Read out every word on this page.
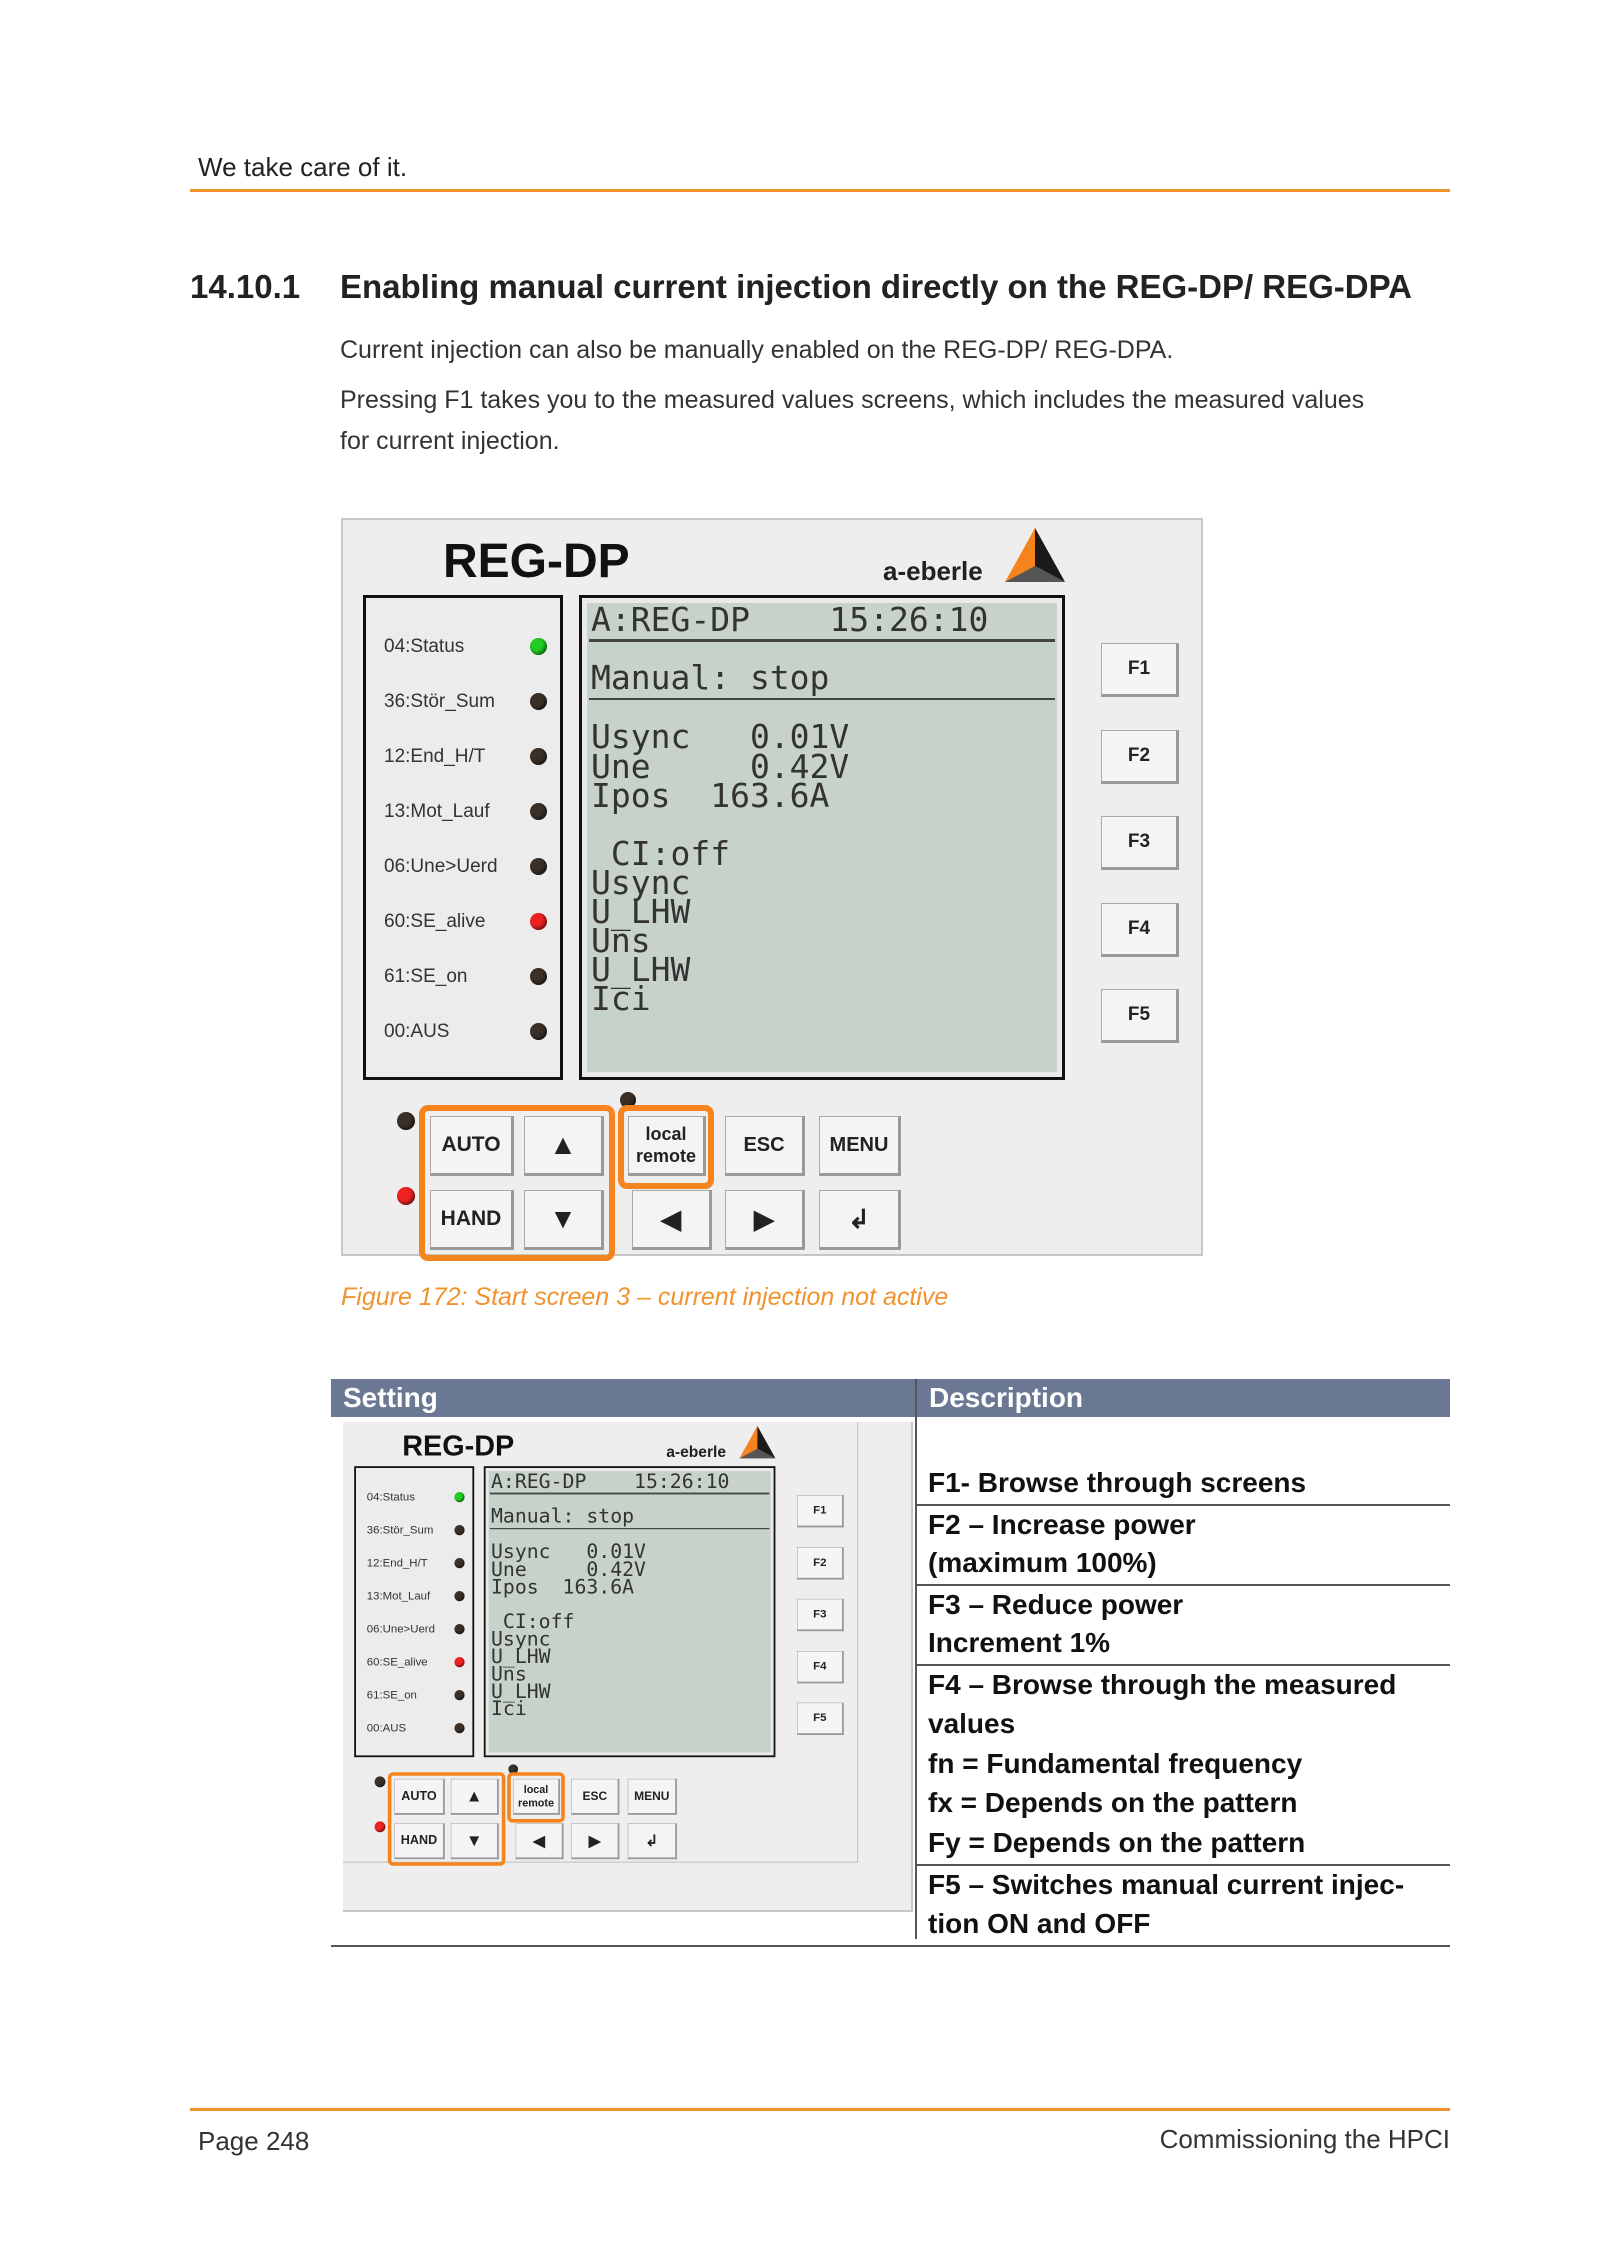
We take care of it.
14.10.1 Enabling manual current injection directly on the REG-DP/ REG-DPA
Current injection can also be manually enabled on the REG-DP/ REG-DPA.
Pressing F1 takes you to the measured values screens, which includes the measured values
for current injection.
REG-DP	a-eberle
04:Status
36:Stör_Sum
12:End_H/T
13:Mot_Lauf
06:Une>Uerd
60:SE_alive
61:SE_on
00:AUS
A:REG-DP    15:26:10
Manual: stop
Usync   0.01V
Une     0.42V
Ipos  163.6A
CI:off
Usync
U_LHW
Uns
U_LHW
Ici
F1
F2
F3
F4
F5
AUTO
HAND
▲
▼
local
remote	ESC	MENU
◀	▶	↲
Figure 172: Start screen 3 – current injection not active
Setting	Description
REG-DP	a-eberle
04:Status
36:Stör_Sum
12:End_H/T
13:Mot_Lauf
06:Une>Uerd
60:SE_alive
61:SE_on
00:AUS
A:REG-DP    15:26:10
Manual: stop
Usync   0.01V
Une     0.42V
Ipos  163.6A
CI:off
Usync
U_LHW
Uns
U_LHW
Ici
F1
F2
F3
F4
F5
AUTO
HAND
▲
▼
local
remote	ESC	MENU
◀	▶	↲
F1- Browse through screens
F2 – Increase power
(maximum 100%)
F3 – Reduce power
Increment 1%
F4 – Browse through the measured
values
fn = Fundamental frequency
fx = Depends on the pattern
Fy = Depends on the pattern
F5 – Switches manual current injec-
tion ON and OFF
Page 248	Commissioning the HPCI
